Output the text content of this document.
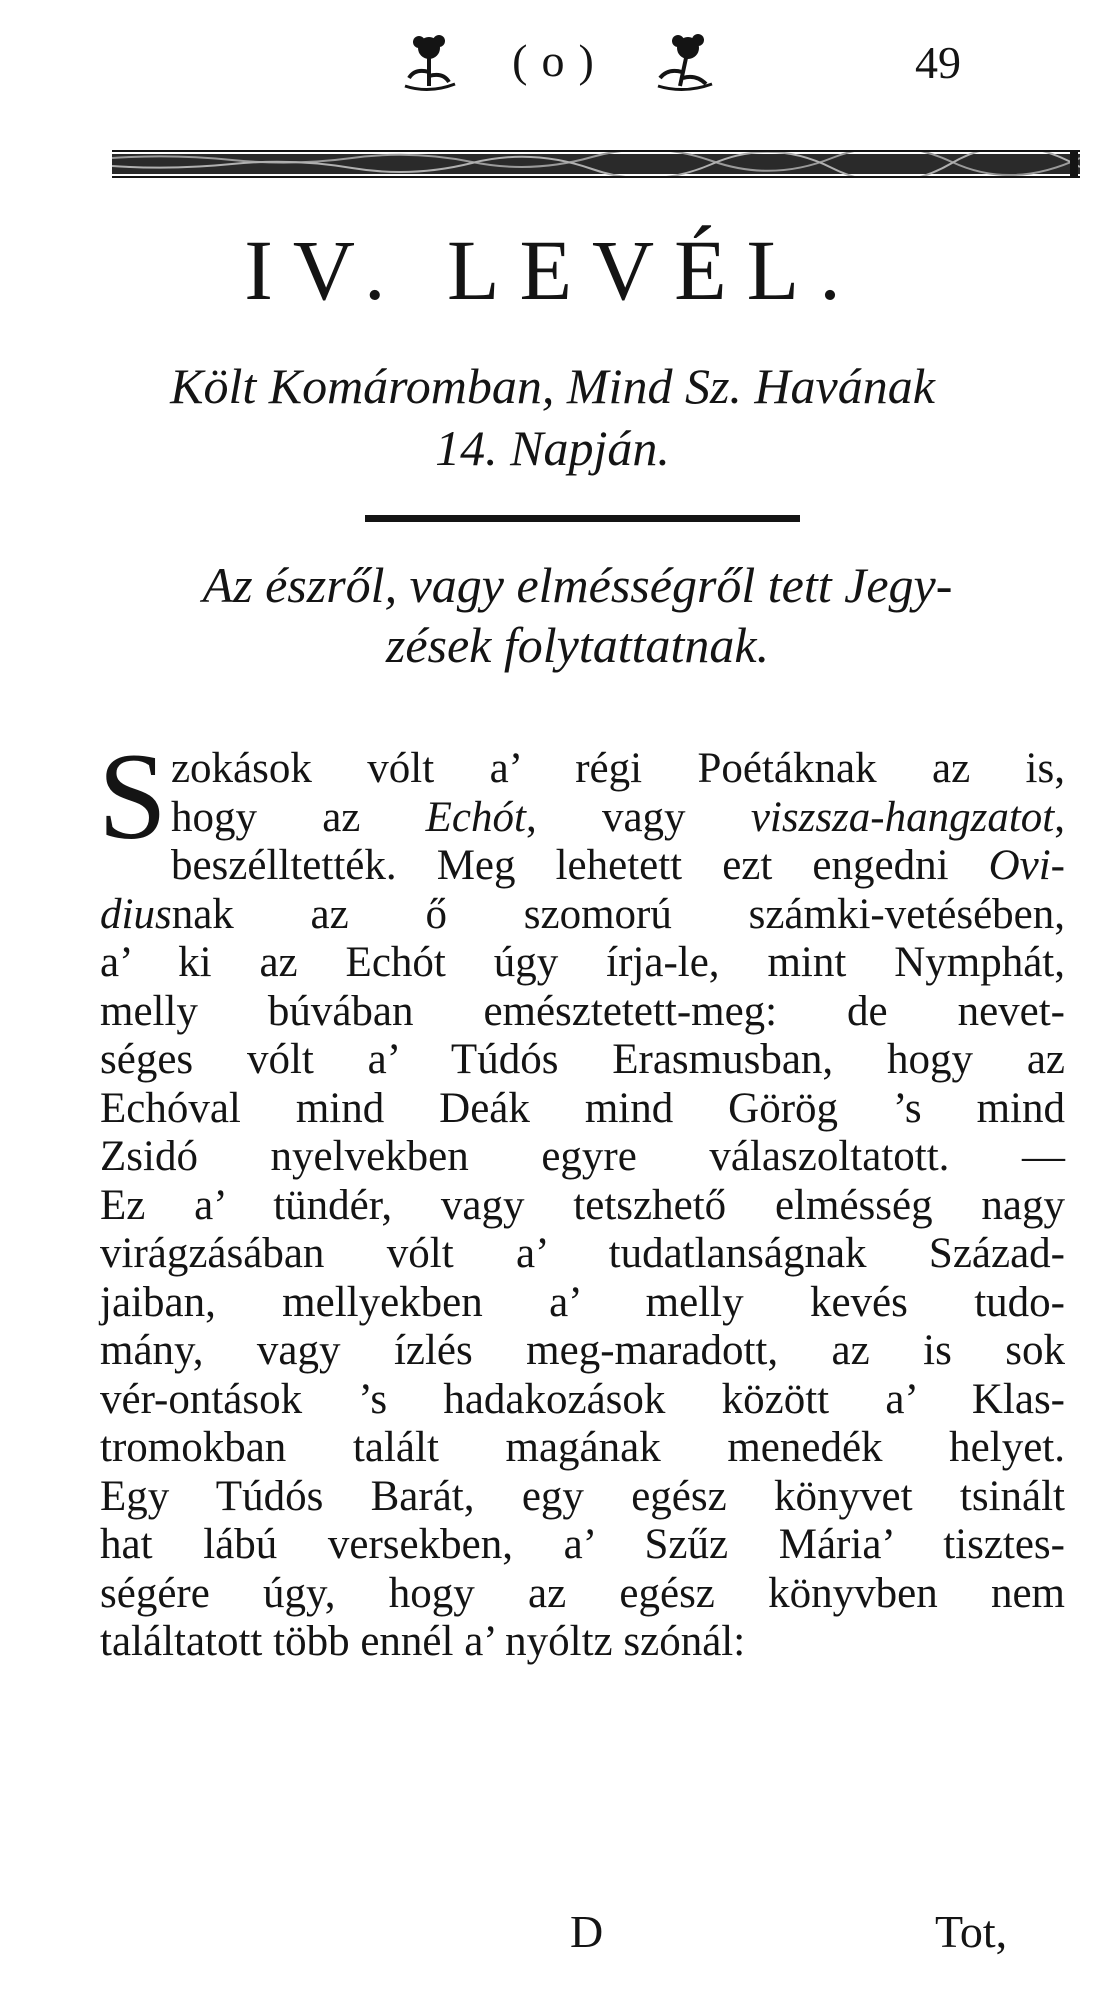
(o)	49
IV. LEVÉL.
Költ Komáromban, Mind Sz. Havának
14. Napján.
Az észről, vagy elmésségről tett Jegy-
zések folytattatnak.
S zokások vólt a’ régi Poétáknak az is,
hogy az Echót, vagy viszsza-hangzatot,
beszélltették. Meg lehetett ezt engedni Ovi-
diusnak az ő szomorú számki-vetésében,
a’ ki az Echót úgy írja-le, mint Nymphát,
melly búvában emésztetett-meg: de nevet-
séges vólt a’ Túdós Erasmusban, hogy az
Echóval mind Deák mind Görög ’s mind
Zsidó nyelvekben egyre válaszoltatott. —
Ez a’ tündér, vagy tetszhető elmésség nagy
virágzásában vólt a’ tudatlanságnak Század-
jaiban, mellyekben a’ melly kevés tudo-
mány, vagy ízlés meg-maradott, az is sok
vér-ontások ’s hadakozások között a’ Klas-
tromokban talált magának menedék helyet.
Egy Túdós Barát, egy egész könyvet tsinált
hat lábú versekben, a’ Szűz Mária’ tisztes-
ségére úgy, hogy az egész könyvben nem
találtatott több ennél a’ nyóltz szónál:
D	Tot,
